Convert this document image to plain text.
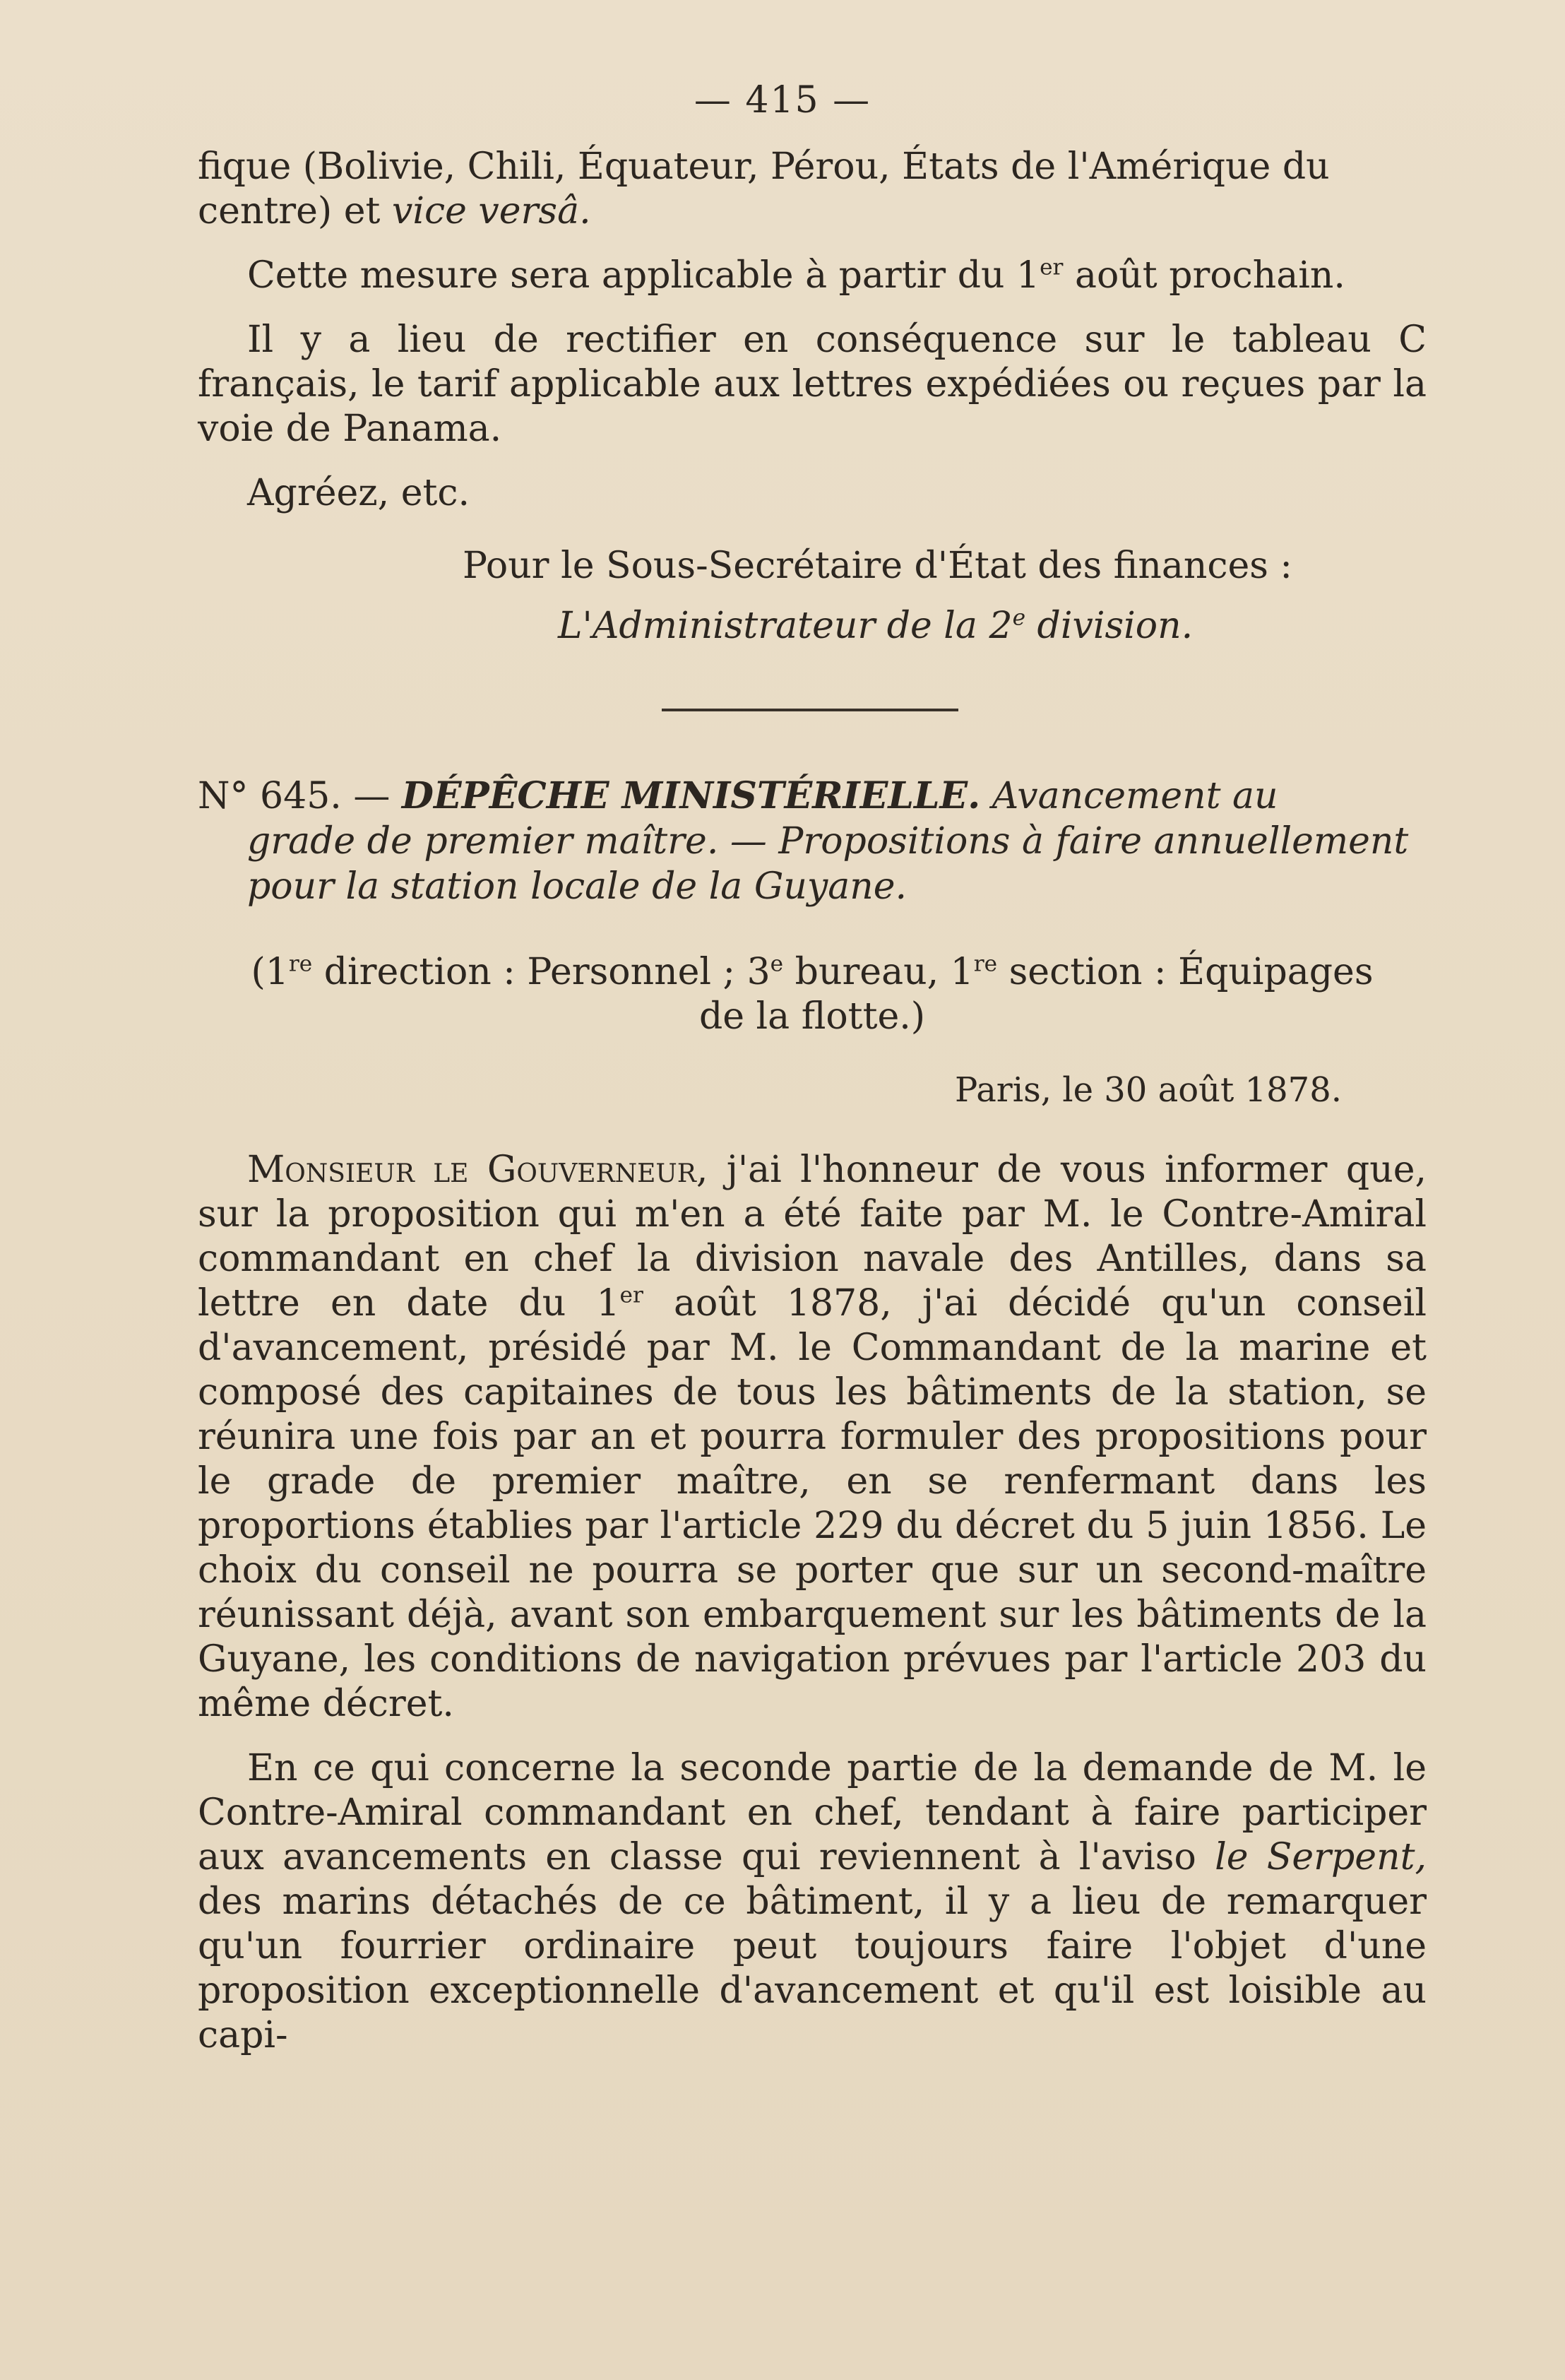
— 415 —

fique (Bolivie, Chili, Équateur, Pérou, États de l'Amérique du
centre) et vice versâ.

Cette mesure sera applicable à partir du 1er août prochain.

Il y a lieu de rectifier en conséquence sur le tableau C français, le tarif applicable aux lettres expédiées ou reçues par la voie de Panama.

Agréez, etc.

Pour le Sous-Secrétaire d'État des finances :
L'Administrateur de la 2e division.
N° 645. — DÉPÊCHE MINISTÉRIELLE. Avancement au
grade de premier maître. — Propositions à faire annuellement
pour la station locale de la Guyane.
(1re direction : Personnel ; 3e bureau, 1re section : Équipages
de la flotte.)
Paris, le 30 août 1878.

Monsieur le Gouverneur, j'ai l'honneur de vous informer que, sur la proposition qui m'en a été faite par M. le Contre-Amiral commandant en chef la division navale des Antilles, dans sa lettre en date du 1er août 1878, j'ai décidé qu'un conseil d'avancement, présidé par M. le Commandant de la marine et composé des capitaines de tous les bâtiments de la station, se réunira une fois par an et pourra formuler des propositions pour le grade de premier maître, en se renfermant dans les proportions établies par l'article 229 du décret du 5 juin 1856. Le choix du conseil ne pourra se porter que sur un second-maître réunissant déjà, avant son embarquement sur les bâtiments de la Guyane, les conditions de navigation prévues par l'article 203 du même décret.

En ce qui concerne la seconde partie de la demande de M. le Contre-Amiral commandant en chef, tendant à faire participer aux avancements en classe qui reviennent à l'aviso le Serpent, des marins détachés de ce bâtiment, il y a lieu de remarquer qu'un fourrier ordinaire peut toujours faire l'objet d'une proposition exceptionnelle d'avancement et qu'il est loisible au capi-
